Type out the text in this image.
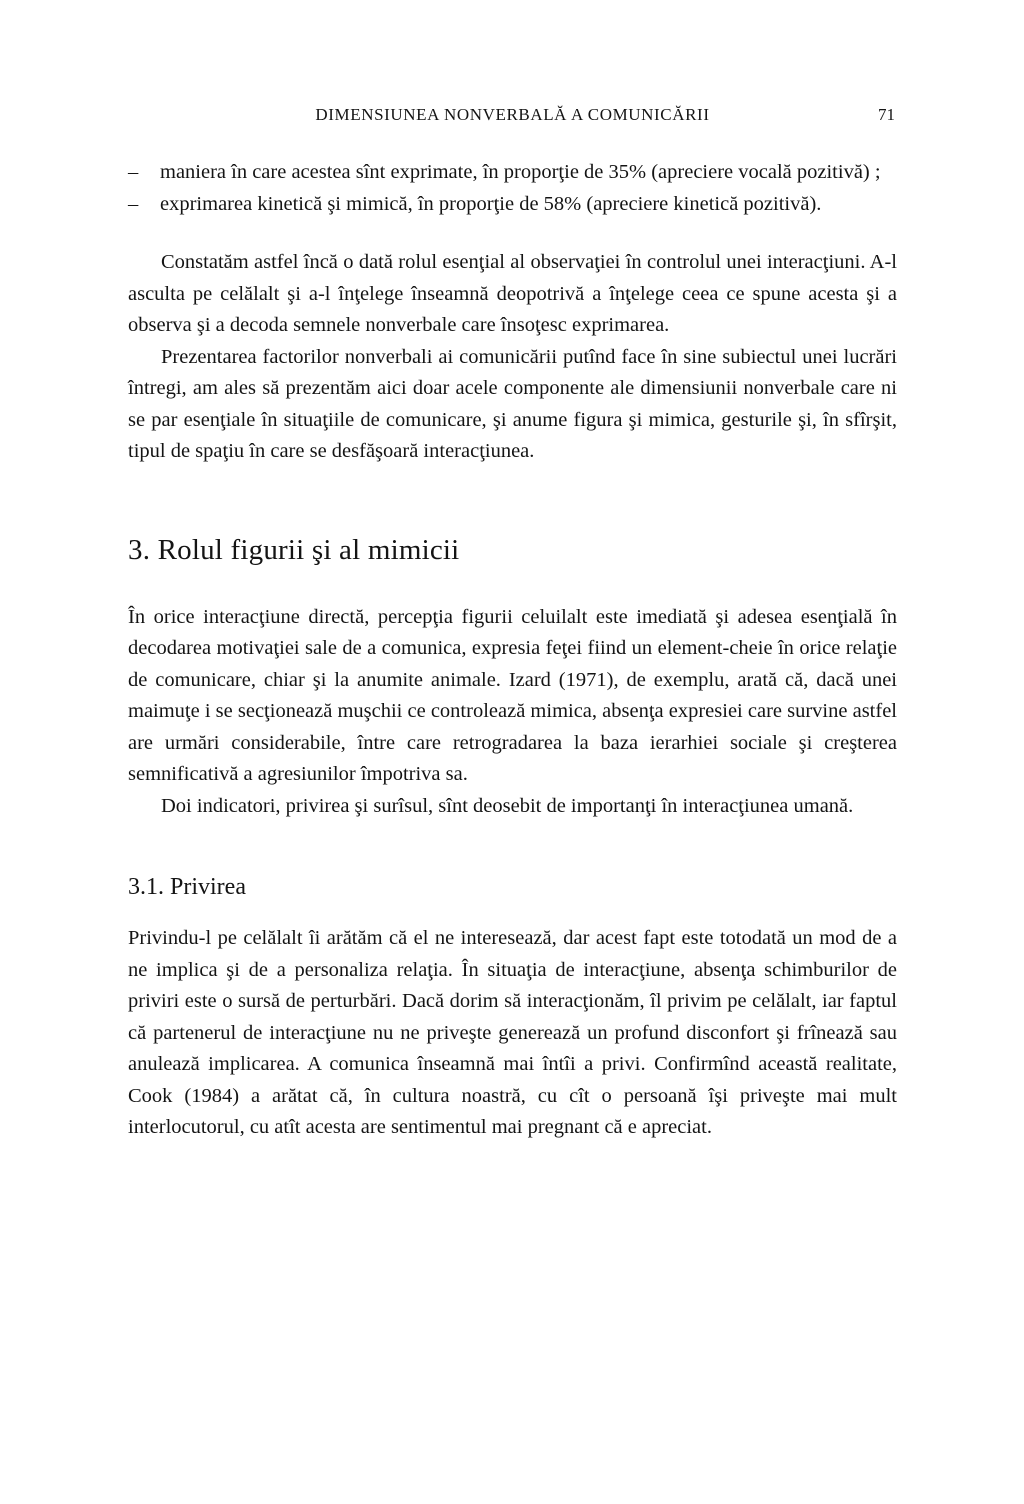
DIMENSIUNEA NONVERBALĂ A COMUNICĂRII	71
–	maniera în care acestea sînt exprimate, în proporţie de 35% (apreciere vocală pozitivă) ;
–	exprimarea kinetică şi mimică, în proporţie de 58% (apreciere kinetică pozitivă).

Constatăm astfel încă o dată rolul esenţial al observaţiei în controlul unei interacţiuni. A-l asculta pe celălalt şi a-l înţelege înseamnă deopotrivă a înţelege ceea ce spune acesta şi a observa şi a decoda semnele nonverbale care însoţesc exprimarea.

Prezentarea factorilor nonverbali ai comunicării putînd face în sine subiectul unei lucrări întregi, am ales să prezentăm aici doar acele componente ale dimensiunii nonverbale care ni se par esenţiale în situaţiile de comunicare, şi anume figura şi mimica, gesturile şi, în sfîrşit, tipul de spaţiu în care se desfăşoară interacţiunea.

3. Rolul figurii şi al mimicii

În orice interacţiune directă, percepţia figurii celuilalt este imediată şi adesea esenţială în decodarea motivaţiei sale de a comunica, expresia feţei fiind un element-cheie în orice relaţie de comunicare, chiar şi la anumite animale. Izard (1971), de exemplu, arată că, dacă unei maimuţe i se secţionează muşchii ce controlează mimica, absenţa expresiei care survine astfel are urmări considerabile, între care retrogradarea la baza ierarhiei sociale şi creşterea semnificativă a agresiunilor împotriva sa.

Doi indicatori, privirea şi surîsul, sînt deosebit de importanţi în interacţiunea umană.

3.1. Privirea

Privindu-l pe celălalt îi arătăm că el ne interesează, dar acest fapt este totodată un mod de a ne implica şi de a personaliza relaţia. În situaţia de interacţiune, absenţa schimburilor de priviri este o sursă de perturbări. Dacă dorim să interacţionăm, îl privim pe celălalt, iar faptul că partenerul de interacţiune nu ne priveşte generează un profund disconfort şi frînează sau anulează implicarea. A comunica înseamnă mai întîi a privi. Confirmînd această realitate, Cook (1984) a arătat că, în cultura noastră, cu cît o persoană îşi priveşte mai mult interlocutorul, cu atît acesta are sentimentul mai pregnant că e apreciat.
